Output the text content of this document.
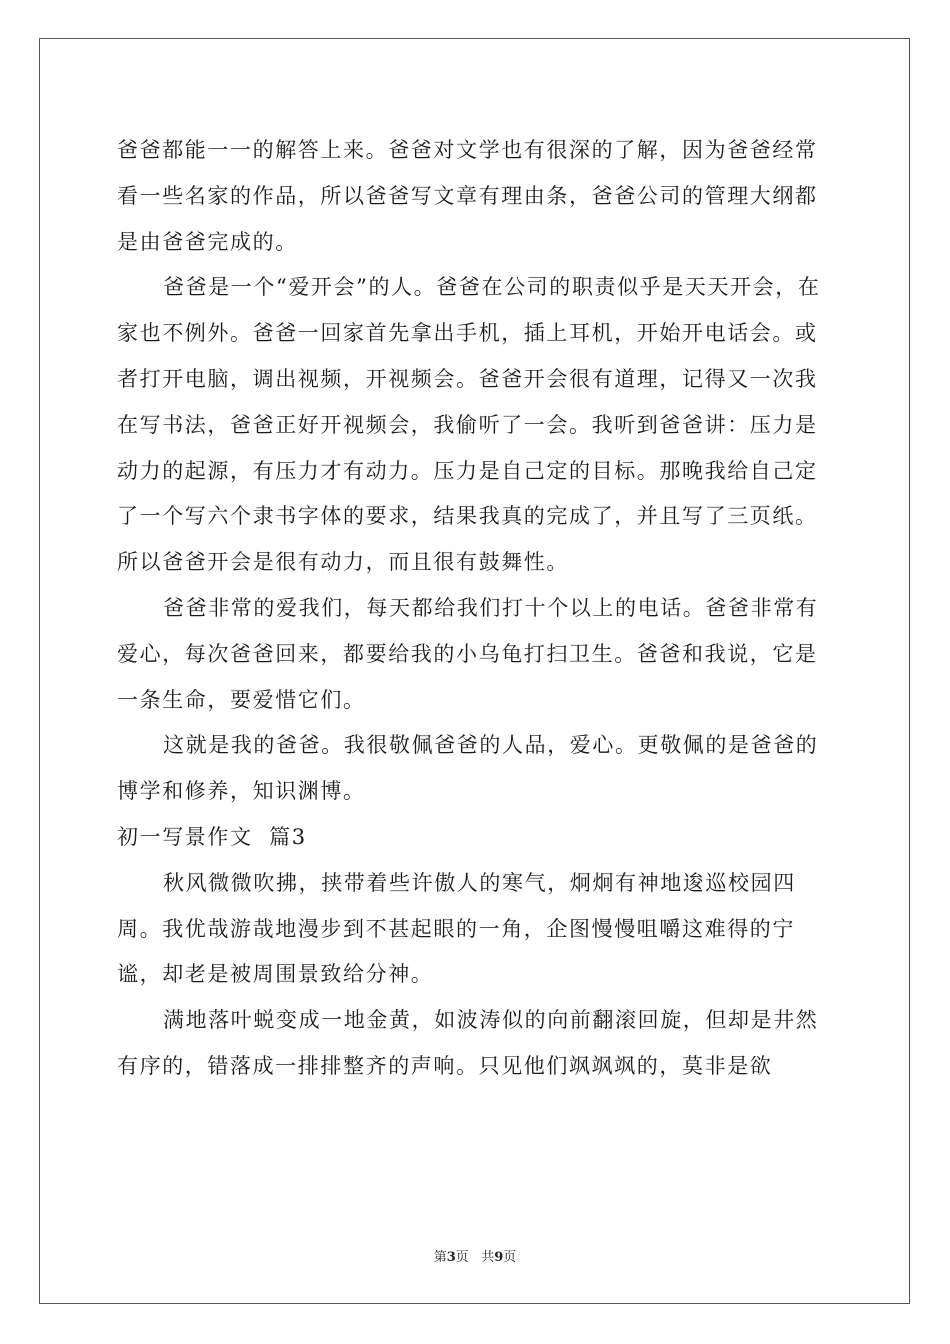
爸爸都能一一的解答上来。爸爸对文学也有很深的了解，因为爸爸经常看一些名家的作品，所以爸爸写文章有理由条，爸爸公司的管理大纲都是由爸爸完成的。

爸爸是一个“爱开会”的人。爸爸在公司的职责似乎是天天开会，在家也不例外。爸爸一回家首先拿出手机，插上耳机，开始开电话会。或者打开电脑，调出视频，开视频会。爸爸开会很有道理，记得又一次我在写书法，爸爸正好开视频会，我偷听了一会。我听到爸爸讲：压力是动力的起源，有压力才有动力。压力是自己定的目标。那晚我给自己定了一个写六个隶书字体的要求，结果我真的完成了，并且写了三页纸。所以爸爸开会是很有动力，而且很有鼓舞性。

爸爸非常的爱我们，每天都给我们打十个以上的电话。爸爸非常有爱心，每次爸爸回来，都要给我的小乌龟打扫卫生。爸爸和我说，它是一条生命，要爱惜它们。

这就是我的爸爸。我很敬佩爸爸的人品，爱心。更敬佩的是爸爸的博学和修养，知识渊博。

初一写景作文  篇3

秋风微微吹拂，挟带着些许傲人的寒气，炯炯有神地逡巡校园四周。我优哉游哉地漫步到不甚起眼的一角，企图慢慢咀嚼这难得的宁谧，却老是被周围景致给分神。

满地落叶蜕变成一地金黄，如波涛似的向前翻滚回旋，但却是井然有序的，错落成一排排整齐的声响。只见他们飒飒飒的，莫非是欲

第3页 共9页
